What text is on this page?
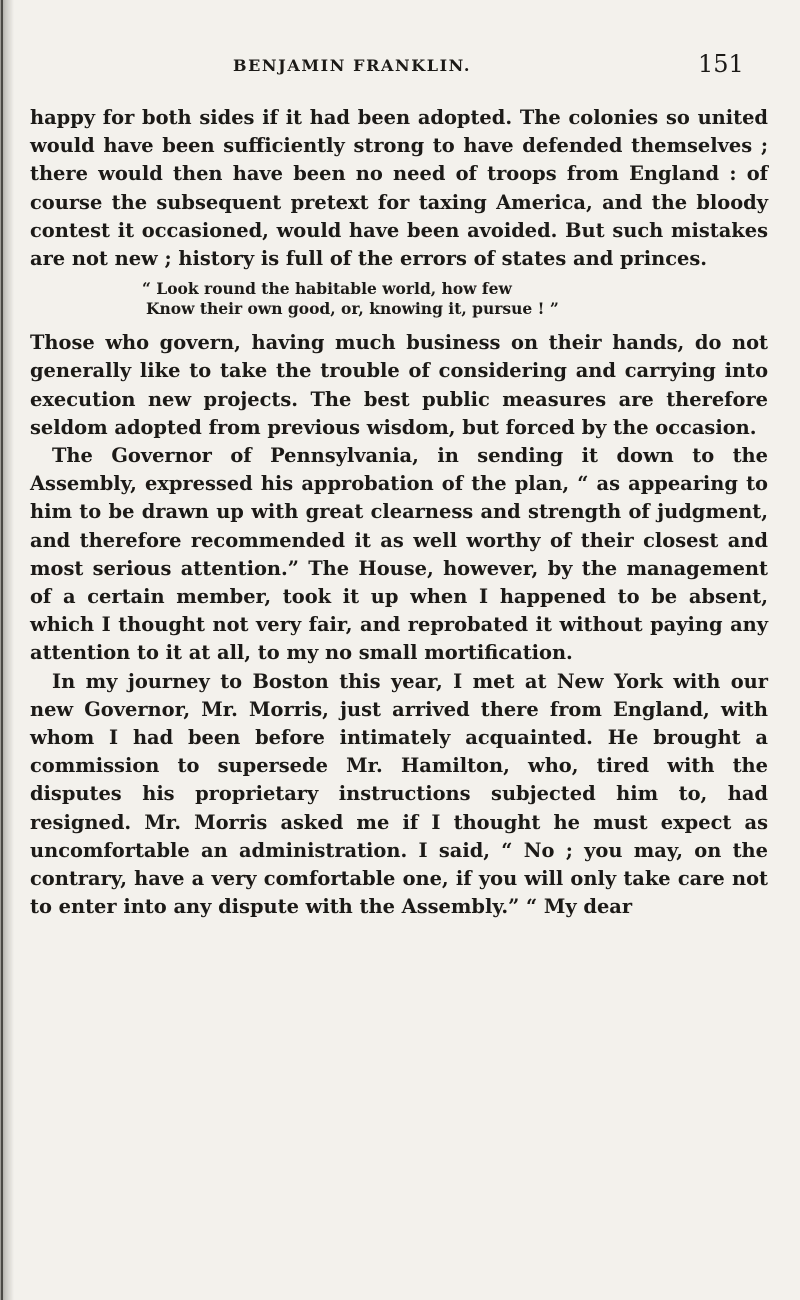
BENJAMIN FRANKLIN.	151

happy for both sides if it had been adopted. The colonies so united would have been sufficiently strong to have defended themselves ; there would then have been no need of troops from England : of course the subsequent pretext for taxing America, and the bloody contest it occasioned, would have been avoided. But such mistakes are not new ; history is full of the errors of states and princes.

“ Look round the habitable world, how few
Know their own good, or, knowing it, pursue ! ”

Those who govern, having much business on their hands, do not generally like to take the trouble of considering and carrying into execution new projects. The best public measures are therefore seldom adopted from previous wisdom, but forced by the occasion.

The Governor of Pennsylvania, in sending it down to the Assembly, expressed his approbation of the plan, “ as appearing to him to be drawn up with great clearness and strength of judgment, and therefore recommended it as well worthy of their closest and most serious attention.” The House, however, by the management of a certain member, took it up when I happened to be absent, which I thought not very fair, and reprobated it without paying any attention to it at all, to my no small mortification.

In my journey to Boston this year, I met at New York with our new Governor, Mr. Morris, just arrived there from England, with whom I had been before intimately acquainted. He brought a commission to supersede Mr. Hamilton, who, tired with the disputes his proprietary instructions subjected him to, had resigned. Mr. Morris asked me if I thought he must expect as uncomfortable an administration. I said, “ No ; you may, on the contrary, have a very comfortable one, if you will only take care not to enter into any dispute with the Assembly.” “ My dear
